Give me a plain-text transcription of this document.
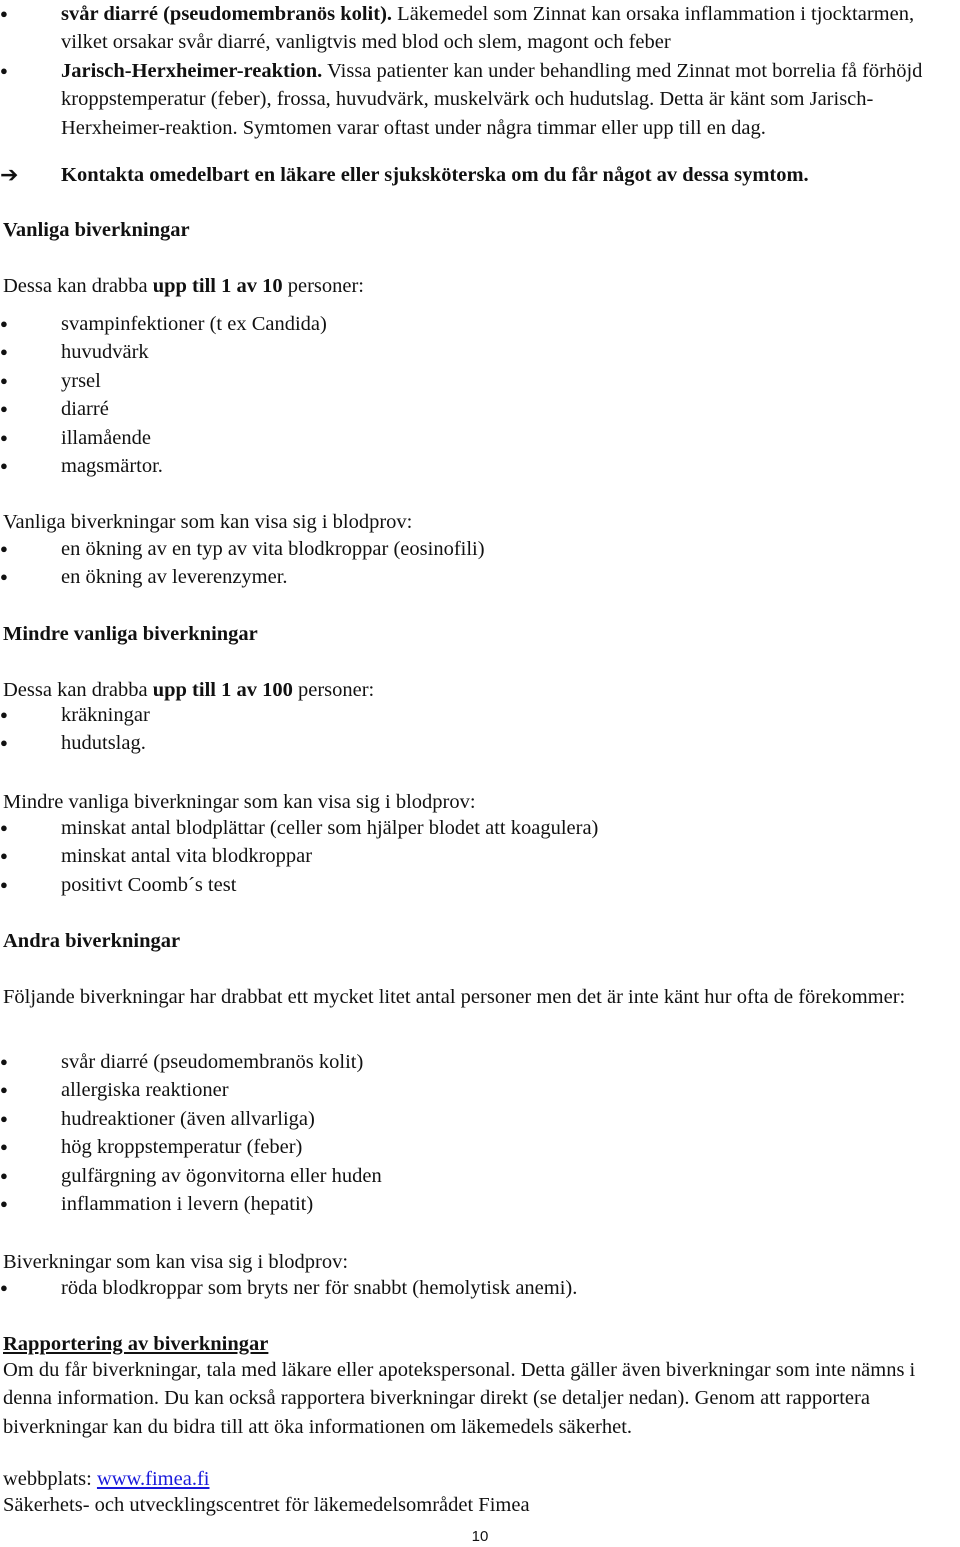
●	svår diarré (pseudomembranös kolit). Läkemedel som Zinnat kan orsaka inflammation i tjocktarmen, vilket orsakar svår diarré, vanligtvis med blod och slem, magont och feber

●	Jarisch-Herxheimer-reaktion. Vissa patienter kan under behandling med Zinnat mot borrelia få förhöjd kroppstemperatur (feber), frossa, huvudvärk, muskelvärk och hudutslag. Detta är känt som Jarisch-Herxheimer-reaktion. Symtomen varar oftast under några timmar eller upp till en dag.

➔ Kontakta omedelbart en läkare eller sjuksköterska om du får något av dessa symtom.

Vanliga biverkningar

Dessa kan drabba upp till 1 av 10 personer:

●	svampinfektioner (t ex Candida)

●	huvudvärk

●	yrsel

●	diarré

●	illamående

●	magsmärtor.

Vanliga biverkningar som kan visa sig i blodprov:

●	en ökning av en typ av vita blodkroppar (eosinofili)

●	en ökning av leverenzymer.

Mindre vanliga biverkningar

Dessa kan drabba upp till 1 av 100 personer:

●	kräkningar

●	hudutslag.

Mindre vanliga biverkningar som kan visa sig i blodprov:

●	minskat antal blodplättar (celler som hjälper blodet att koagulera)

●	minskat antal vita blodkroppar

●	positivt Coomb´s test

Andra biverkningar

Följande biverkningar har drabbat ett mycket litet antal personer men det är inte känt hur ofta de förekommer:

●	svår diarré (pseudomembranös kolit)

●	allergiska reaktioner

●	hudreaktioner (även allvarliga)

●	hög kroppstemperatur (feber)

●	gulfärgning av ögonvitorna eller huden

●	inflammation i levern (hepatit)

Biverkningar som kan visa sig i blodprov:

●	röda blodkroppar som bryts ner för snabbt (hemolytisk anemi).

Rapportering av biverkningar

Om du får biverkningar, tala med läkare eller apotekspersonal. Detta gäller även biverkningar som inte nämns i denna information. Du kan också rapportera biverkningar direkt (se detaljer nedan). Genom att rapportera biverkningar kan du bidra till att öka informationen om läkemedels säkerhet.

webbplats: www.fimea.fi

Säkerhets- och utvecklingscentret för läkemedelsområdet Fimea

10
